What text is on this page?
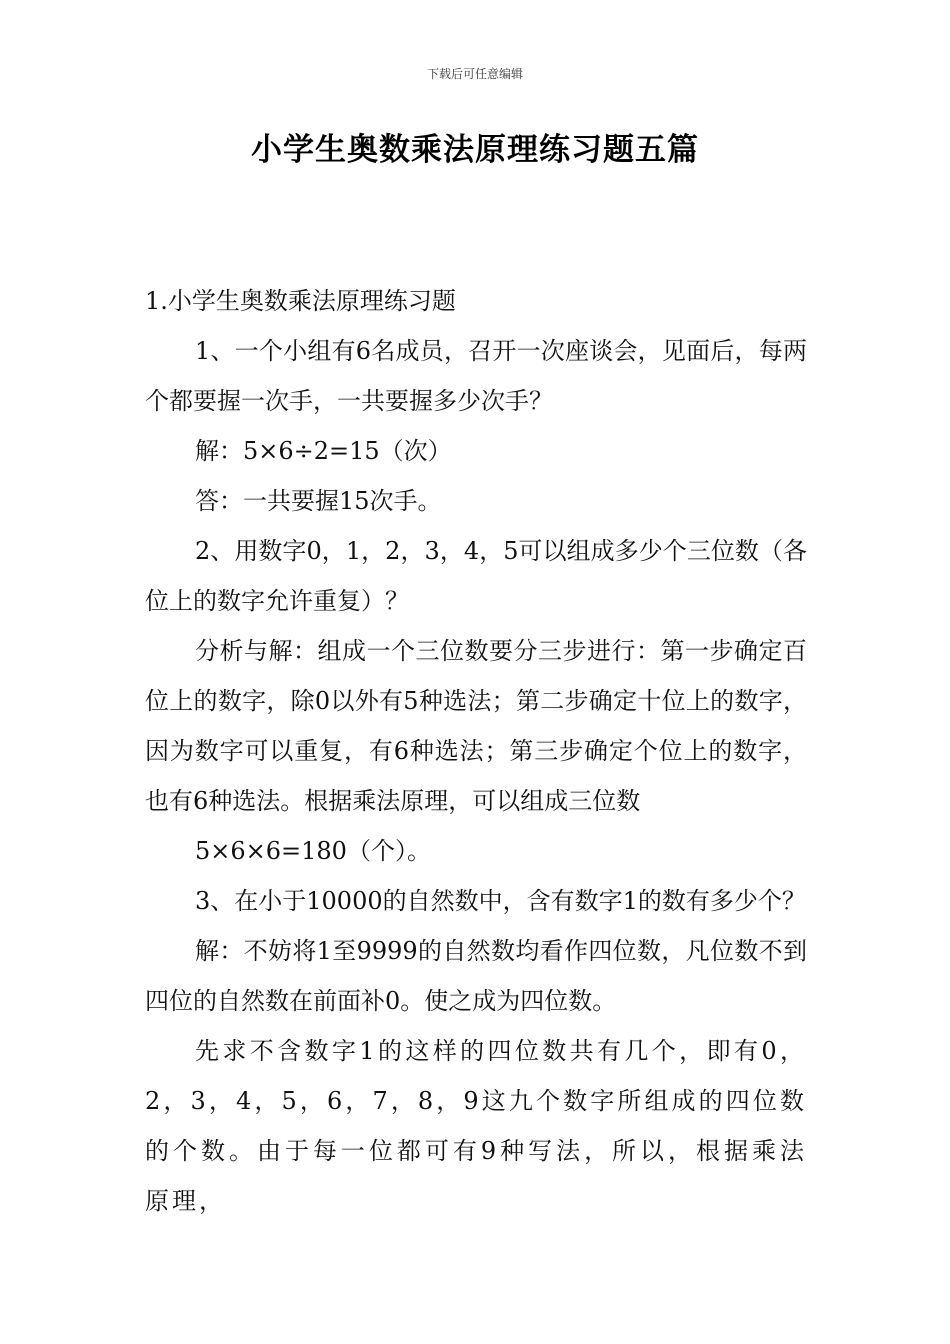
下载后可任意编辑
小学生奥数乘法原理练习题五篇

1.小学生奥数乘法原理练习题

1、一个小组有6名成员，召开一次座谈会，见面后，每两个都要握一次手，一共要握多少次手？

解：5×6÷2=15（次）

答：一共要握15次手。

2、用数字0，1，2，3，4，5可以组成多少个三位数（各位上的数字允许重复）？

分析与解：组成一个三位数要分三步进行：第一步确定百位上的数字，除0以外有5种选法；第二步确定十位上的数字，因为数字可以重复，有6种选法；第三步确定个位上的数字，也有6种选法。根据乘法原理，可以组成三位数

5×6×6=180（个）。

3、在小于10000的自然数中，含有数字1的数有多少个？

解：不妨将1至9999的自然数均看作四位数，凡位数不到四位的自然数在前面补0。使之成为四位数。

先求不含数字1的这样的四位数共有几个，即有0，2，3，4，5，6，7，8，9这九个数字所组成的四位数的个数。由于每一位都可有9种写法，所以，根据乘法原理，
